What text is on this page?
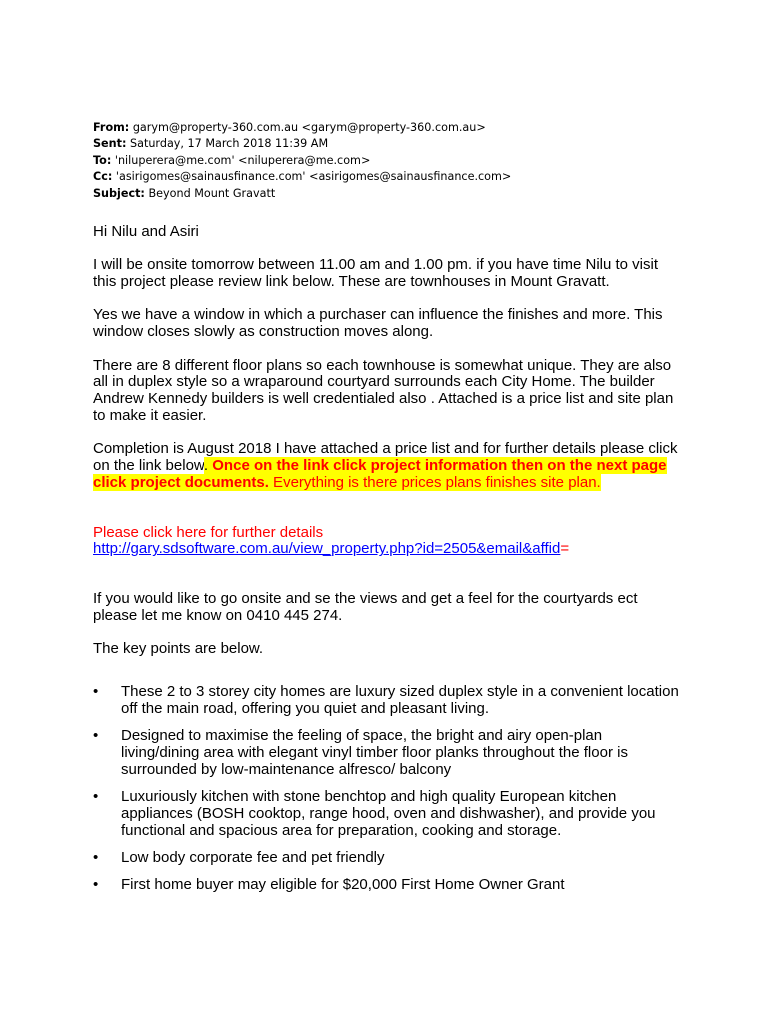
From: garym@property-360.com.au <garym@property-360.com.au>
Sent: Saturday, 17 March 2018 11:39 AM
To: 'niluperera@me.com' <niluperera@me.com>
Cc: 'asirigomes@sainausfinance.com' <asirigomes@sainausfinance.com>
Subject: Beyond Mount Gravatt

Hi Nilu and Asiri

I will be onsite tomorrow between 11.00 am and 1.00 pm. if you have time Nilu to visit this project please review link below. These are townhouses in Mount Gravatt.

Yes we have a window in which a purchaser can influence the finishes and more. This window closes slowly as construction moves along.

There are 8 different floor plans so each townhouse is somewhat unique. They are also all in duplex style so a wraparound courtyard surrounds each City Home. The builder Andrew Kennedy builders is well credentialed also . Attached is a price list and site plan to make it easier.

Completion is August 2018 I have attached a price list and for further details please click on the link below. Once on the link click project information then on the next page click project documents. Everything is there prices plans finishes site plan.

Please click here for further details

http://gary.sdsoftware.com.au/view_property.php?id=2505&email&affid=

If you would like to go onsite and se the views and get a feel for the courtyards ect please let me know on 0410 445 274.

The key points are below.

• These 2 to 3 storey city homes are luxury sized duplex style in a convenient location off the main road, offering you quiet and pleasant living.
• Designed to maximise the feeling of space, the bright and airy open-plan living/dining area with elegant vinyl timber floor planks throughout the floor is surrounded by low-maintenance alfresco/ balcony
• Luxuriously kitchen with stone benchtop and high quality European kitchen appliances (BOSH cooktop, range hood, oven and dishwasher), and provide you functional and spacious area for preparation, cooking and storage.
• Low body corporate fee and pet friendly
• First home buyer may eligible for $20,000 First Home Owner Grant
